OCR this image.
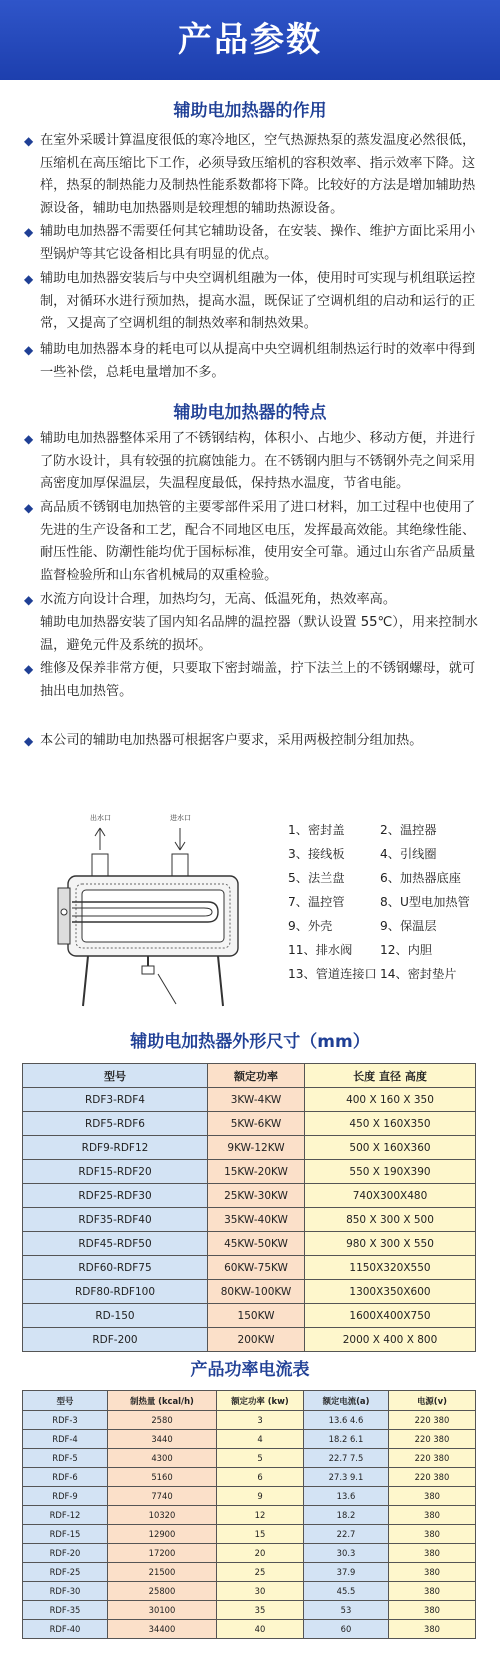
产品参数
辅助电加热器的作用
◆ 在室外采暖计算温度很低的寒冷地区，空气热源热泵的蒸发温度必然很低，压缩机在高压缩比下工作，必须导致压缩机的容积效率、指示效率下降。这样，热泵的制热能力及制热性能系数都将下降。比较好的方法是增加辅助热源设备，辅助电加热器则是较理想的辅助热源设备。
◆ 辅助电加热器不需要任何其它辅助设备，在安装、操作、维护方面比采用小型锅炉等其它设备相比具有明显的优点。
◆ 辅助电加热器安装后与中央空调机组融为一体，使用时可实现与机组联运控制，对循环水进行预加热，提高水温，既保证了空调机组的启动和运行的正常，又提高了空调机组的制热效率和制热效果。
◆ 辅助电加热器本身的耗电可以从提高中央空调机组制热运行时的效率中得到一些补偿，总耗电量增加不多。
辅助电加热器的特点
◆ 辅助电加热器整体采用了不锈钢结构，体积小、占地少、移动方便，并进行了防水设计，具有较强的抗腐蚀能力。在不锈钢内胆与不锈钢外壳之间采用高密度加厚保温层，失温程度最低，保持热水温度，节省电能。
◆ 高品质不锈钢电加热管的主要零部件采用了进口材料，加工过程中也使用了先进的生产设备和工艺，配合不同地区电压，发挥最高效能。其绝缘性能、耐压性能、防潮性能均优于国标标准，使用安全可靠。通过山东省产品质量监督检验所和山东省机械局的双重检验。
◆ 水流方向设计合理，加热均匀，无高、低温死角，热效率高。
辅助电加热器安装了国内知名品牌的温控器（默认设置 55℃），用来控制水温，避免元件及系统的损坏。
◆ 维修及保养非常方便，只要取下密封端盖，拧下法兰上的不锈钢螺母，就可抽出电加热管。
◆ 本公司的辅助电加热器可根据客户要求，采用两极控制分组加热。
出水口	进水口
1、密封盖	2、温控器
3、接线板	4、引线圈
5、法兰盘	6、加热器底座
7、温控管	8、U型电加热管
9、外壳	9、保温层
11、排水阀	12、内胆
13、管道连接口 14、密封垫片
辅助电加热器外形尺寸（mm）
型号	额定功率	长度 直径 高度
RDF3-RDF4	3KW-4KW	400 X 160 X 350
RDF5-RDF6	5KW-6KW	450 X 160X350
RDF9-RDF12	9KW-12KW	500 X 160X360
RDF15-RDF20	15KW-20KW	550 X 190X390
RDF25-RDF30	25KW-30KW	740X300X480
RDF35-RDF40	35KW-40KW	850 X 300 X 500
RDF45-RDF50	45KW-50KW	980 X 300 X 550
RDF60-RDF75	60KW-75KW	1150X320X550
RDF80-RDF100	80KW-100KW	1300X350X600
RD-150	150KW	1600X400X750
RDF-200	200KW	2000 X 400 X 800
产品功率电流表
型号	制热量 (kcal/h)	额定功率 (kw)	额定电流(a)	电源(v)
RDF-3	2580	3	13.6 4.6	220 380
RDF-4	3440	4	18.2 6.1	220 380
RDF-5	4300	5	22.7 7.5	220 380
RDF-6	5160	6	27.3 9.1	220 380
RDF-9	7740	9	13.6	380
RDF-12	10320	12	18.2	380
RDF-15	12900	15	22.7	380
RDF-20	17200	20	30.3	380
RDF-25	21500	25	37.9	380
RDF-30	25800	30	45.5	380
RDF-35	30100	35	53	380
RDF-40	34400	40	60	380
